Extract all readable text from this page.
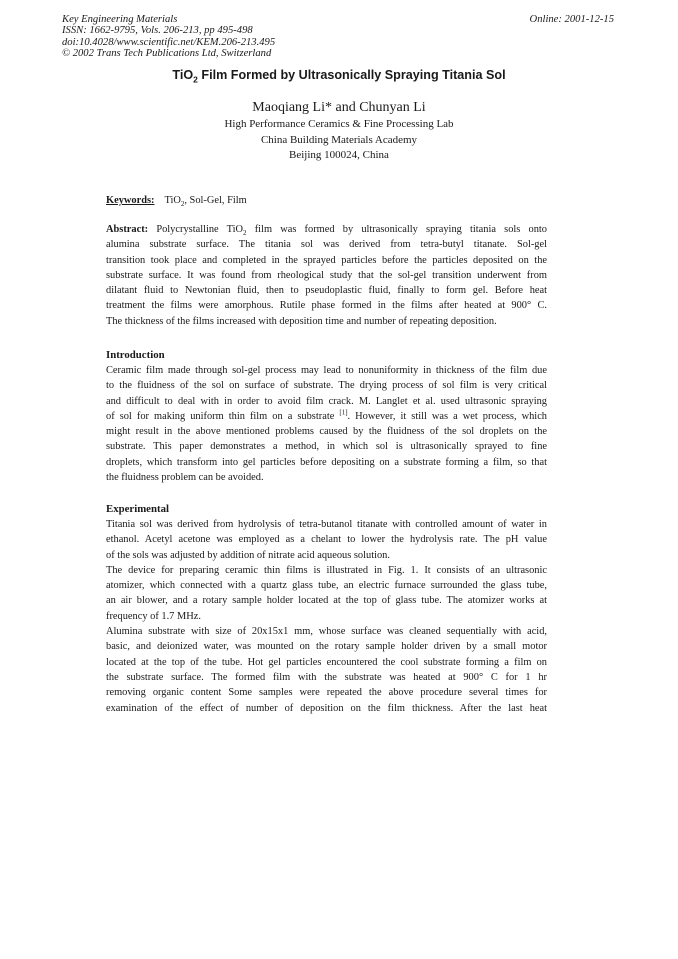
Key Engineering Materials
ISSN: 1662-9795, Vols. 206-213, pp 495-498
doi:10.4028/www.scientific.net/KEM.206-213.495
© 2002 Trans Tech Publications Ltd, Switzerland
Online: 2001-12-15
TiO$_2$ Film Formed by Ultrasonically Spraying Titania Sol
Maoqiang Li* and Chunyan Li
High Performance Ceramics & Fine Processing Lab
China Building Materials Academy
Beijing 100024, China
Keywords: TiO$_2$, Sol-Gel, Film
Abstract: Polycrystalline TiO$_2$ film was formed by ultrasonically spraying titania sols onto
alumina substrate surface. The titania sol was derived from tetra-butyl titanate. Sol-gel
transition took place and completed in the sprayed particles before the particles deposited on the
substrate surface. It was found from rheological study that the sol-gel transition underwent from
dilatant fluid to Newtonian fluid, then to pseudoplastic fluid, finally to form gel. Before heat
treatment the films were amorphous. Rutile phase formed in the films after heated at 900° C.
The thickness of the films increased with deposition time and number of repeating deposition.
Introduction
Ceramic film made through sol-gel process may lead to nonuniformity in thickness of the film due
to the fluidness of the sol on surface of substrate. The drying process of sol film is very critical
and difficult to deal with in order to avoid film crack. M. Langlet et al. used ultrasonic spraying
of sol for making uniform thin film on a substrate [1]. However, it still was a wet process, which
might result in the above mentioned problems caused by the fluidness of the sol droplets on the
substrate. This paper demonstrates a method, in which sol is ultrasonically sprayed to fine
droplets, which transform into gel particles before depositing on a substrate forming a film, so that
the fluidness problem can be avoided.
Experimental
Titania sol was derived from hydrolysis of tetra-butanol titanate with controlled amount of water in
ethanol. Acetyl acetone was employed as a chelant to lower the hydrolysis rate. The pH value
of the sols was adjusted by addition of nitrate acid aqueous solution.
The device for preparing ceramic thin films is illustrated in Fig. 1. It consists of an ultrasonic
atomizer, which connected with a quartz glass tube, an electric furnace surrounded the glass tube,
an air blower, and a rotary sample holder located at the top of glass tube. The atomizer works at
frequency of 1.7 MHz.
Alumina substrate with size of 20x15x1 mm, whose surface was cleaned sequentially with acid,
basic, and deionized water, was mounted on the rotary sample holder driven by a small motor
located at the top of the tube. Hot gel particles encountered the cool substrate forming a film on
the substrate surface. The formed film with the substrate was heated at 900° C for 1 hr
removing organic content Some samples were repeated the above procedure several times for
examination of the effect of number of deposition on the film thickness. After the last heat
